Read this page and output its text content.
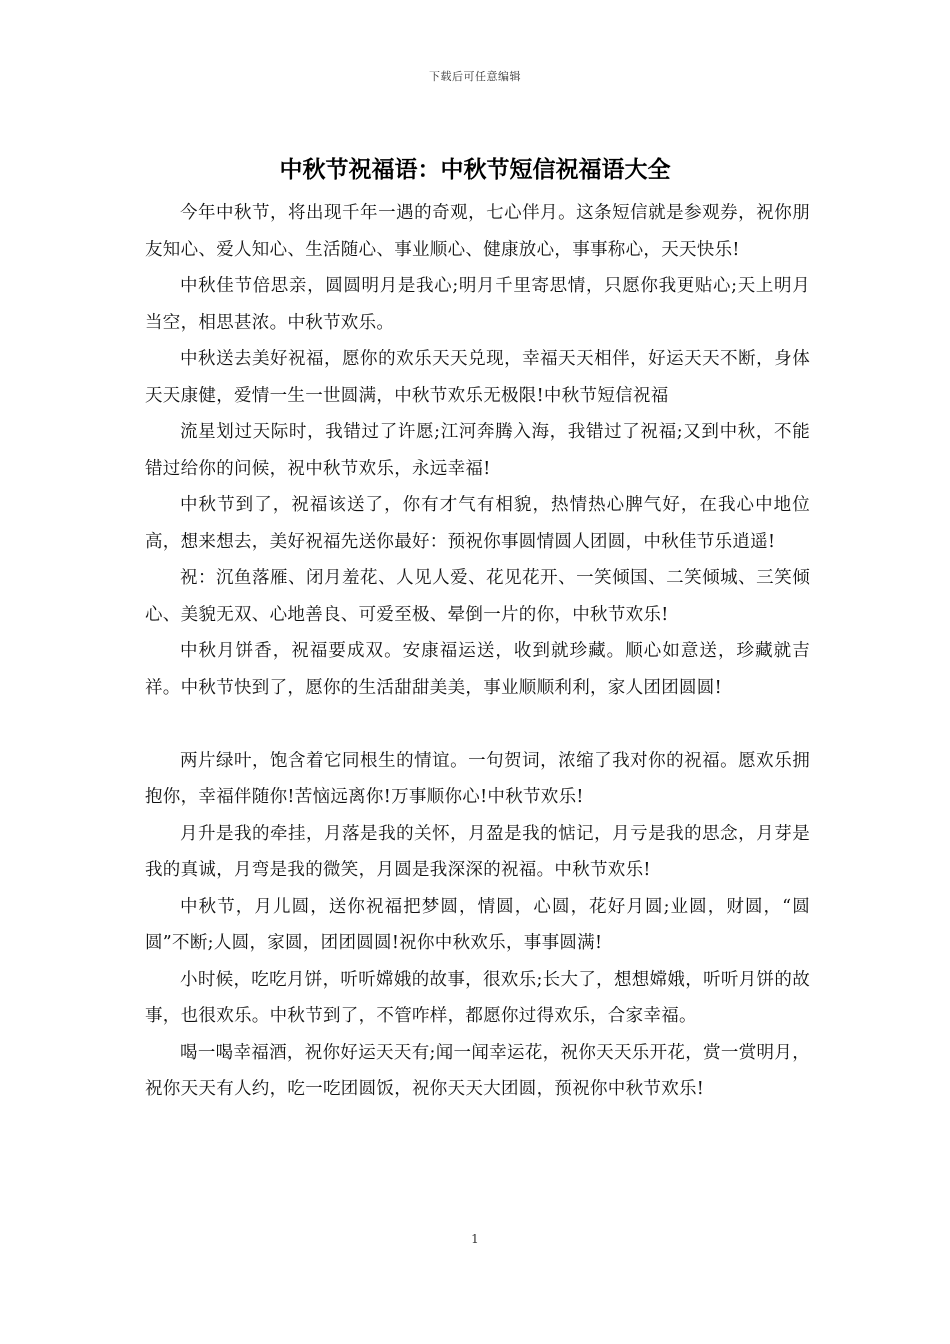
下载后可任意编辑
中秋节祝福语：中秋节短信祝福语大全

今年中秋节，将出现千年一遇的奇观，七心伴月。这条短信就是参观券，祝你朋友知心、爱人知心、生活随心、事业顺心、健康放心，事事称心，天天快乐!

中秋佳节倍思亲，圆圆明月是我心;明月千里寄思情，只愿你我更贴心;天上明月当空，相思甚浓。中秋节欢乐。

中秋送去美好祝福，愿你的欢乐天天兑现，幸福天天相伴，好运天天不断，身体天天康健，爱情一生一世圆满，中秋节欢乐无极限!中秋节短信祝福

流星划过天际时，我错过了许愿;江河奔腾入海，我错过了祝福;又到中秋，不能错过给你的问候，祝中秋节欢乐，永远幸福!

中秋节到了，祝福该送了，你有才气有相貌，热情热心脾气好，在我心中地位高，想来想去，美好祝福先送你最好：预祝你事圆情圆人团圆，中秋佳节乐逍遥!

祝：沉鱼落雁、闭月羞花、人见人爱、花见花开、一笑倾国、二笑倾城、三笑倾心、美貌无双、心地善良、可爱至极、晕倒一片的你，中秋节欢乐!

中秋月饼香，祝福要成双。安康福运送，收到就珍藏。顺心如意送，珍藏就吉祥。中秋节快到了，愿你的生活甜甜美美，事业顺顺利利，家人团团圆圆!

两片绿叶，饱含着它同根生的情谊。一句贺词，浓缩了我对你的祝福。愿欢乐拥抱你，幸福伴随你!苦恼远离你!万事顺你心!中秋节欢乐!

月升是我的牵挂，月落是我的关怀，月盈是我的惦记，月亏是我的思念，月芽是我的真诚，月弯是我的微笑，月圆是我深深的祝福。中秋节欢乐!

中秋节，月儿圆，送你祝福把梦圆，情圆，心圆，花好月圆;业圆，财圆，“圆圆”不断;人圆，家圆，团团圆圆!祝你中秋欢乐，事事圆满!

小时候，吃吃月饼，听听嫦娥的故事，很欢乐;长大了，想想嫦娥，听听月饼的故事，也很欢乐。中秋节到了，不管咋样，都愿你过得欢乐，合家幸福。

喝一喝幸福酒，祝你好运天天有;闻一闻幸运花，祝你天天乐开花，赏一赏明月，祝你天天有人约，吃一吃团圆饭，祝你天天大团圆，预祝你中秋节欢乐!

1
